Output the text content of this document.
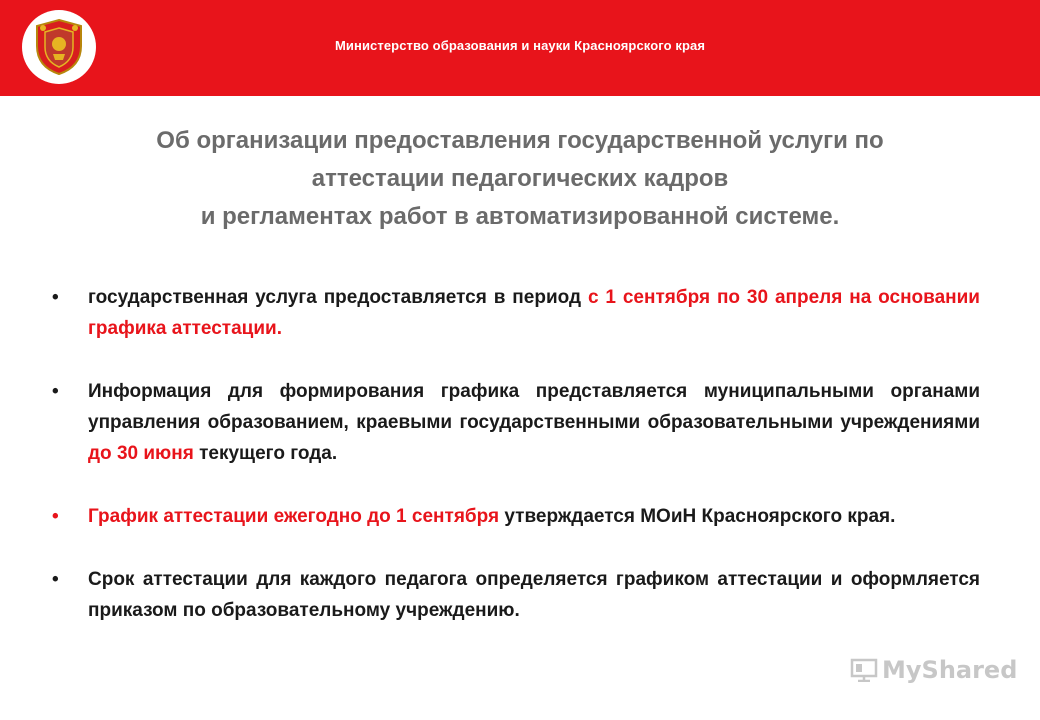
Министерство образования и науки Красноярского края
Об организации предоставления государственной услуги по
аттестации педагогических кадров
и регламентах работ в автоматизированной системе.
•	государственная услуга предоставляется в период с 1 сентября по 30 апреля на основании графика аттестации.
•	Информация для формирования графика представляется муниципальными органами управления образованием, краевыми государственными образовательными учреждениями до 30 июня текущего года.
•	График аттестации ежегодно до 1 сентября утверждается МОиН Красноярского края.
•	Срок аттестации для каждого педагога определяется графиком аттестации и оформляется приказом по образовательному учреждению.
MyShared
